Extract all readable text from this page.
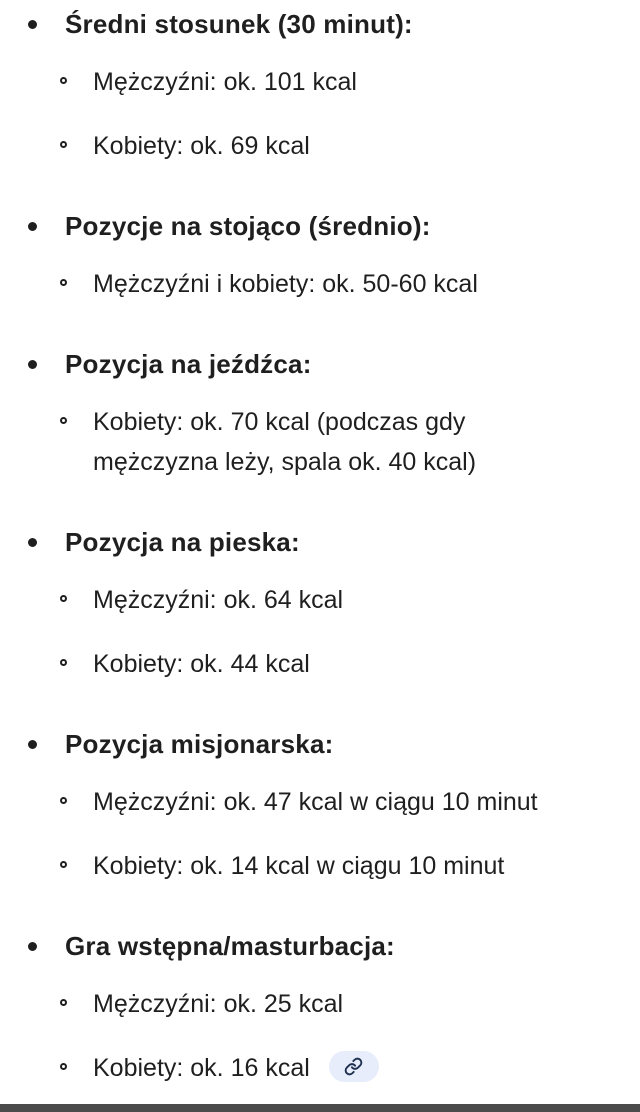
Średni stosunek (30 minut):
Mężczyźni: ok. 101 kcal
Kobiety: ok. 69 kcal
Pozycje na stojąco (średnio):
Mężczyźni i kobiety: ok. 50-60 kcal
Pozycja na jeźdźca:
Kobiety: ok. 70 kcal (podczas gdy mężczyzna leży, spala ok. 40 kcal)
Pozycja na pieska:
Mężczyźni: ok. 64 kcal
Kobiety: ok. 44 kcal
Pozycja misjonarska:
Mężczyźni: ok. 47 kcal w ciągu 10 minut
Kobiety: ok. 14 kcal w ciągu 10 minut
Gra wstępna/masturbacja:
Mężczyźni: ok. 25 kcal
Kobiety: ok. 16 kcal
